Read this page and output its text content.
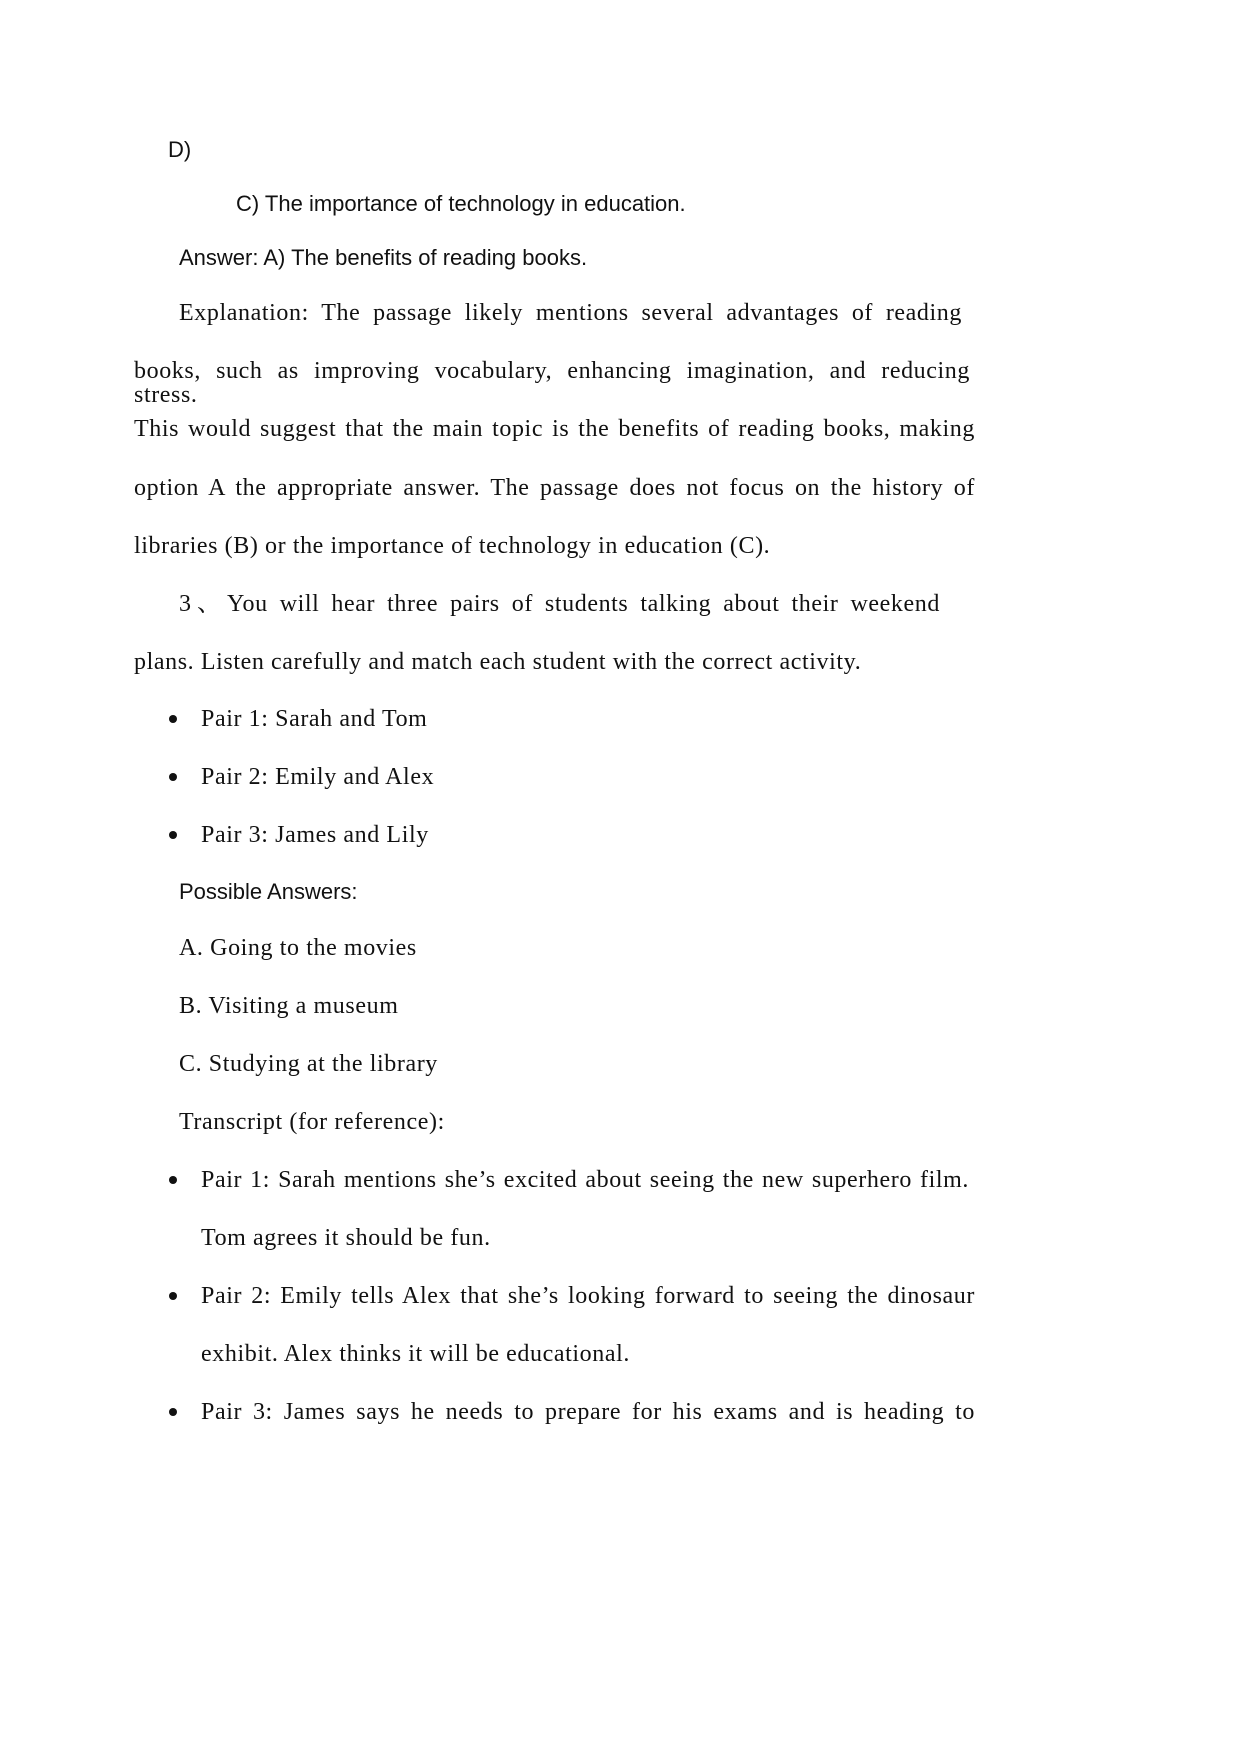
D)
C) The importance of technology in education.
Answer: A) The benefits of reading books.
Explanation: The passage likely mentions several advantages of reading
books, such as improving vocabulary, enhancing imagination, and reducing stress.
This would suggest that the main topic is the benefits of reading books, making
option A the appropriate answer. The passage does not focus on the history of
libraries (B) or the importance of technology in education (C).
3、You will hear three pairs of students talking about their weekend
plans. Listen carefully and match each student with the correct activity.
Pair 1: Sarah and Tom
Pair 2: Emily and Alex
Pair 3: James and Lily
Possible Answers:
A. Going to the movies
B. Visiting a museum
C. Studying at the library
Transcript (for reference):
Pair 1: Sarah mentions she’s excited about seeing the new superhero film.
Tom agrees it should be fun.
Pair 2: Emily tells Alex that she’s looking forward to seeing the dinosaur
exhibit. Alex thinks it will be educational.
Pair 3: James says he needs to prepare for his exams and is heading to
